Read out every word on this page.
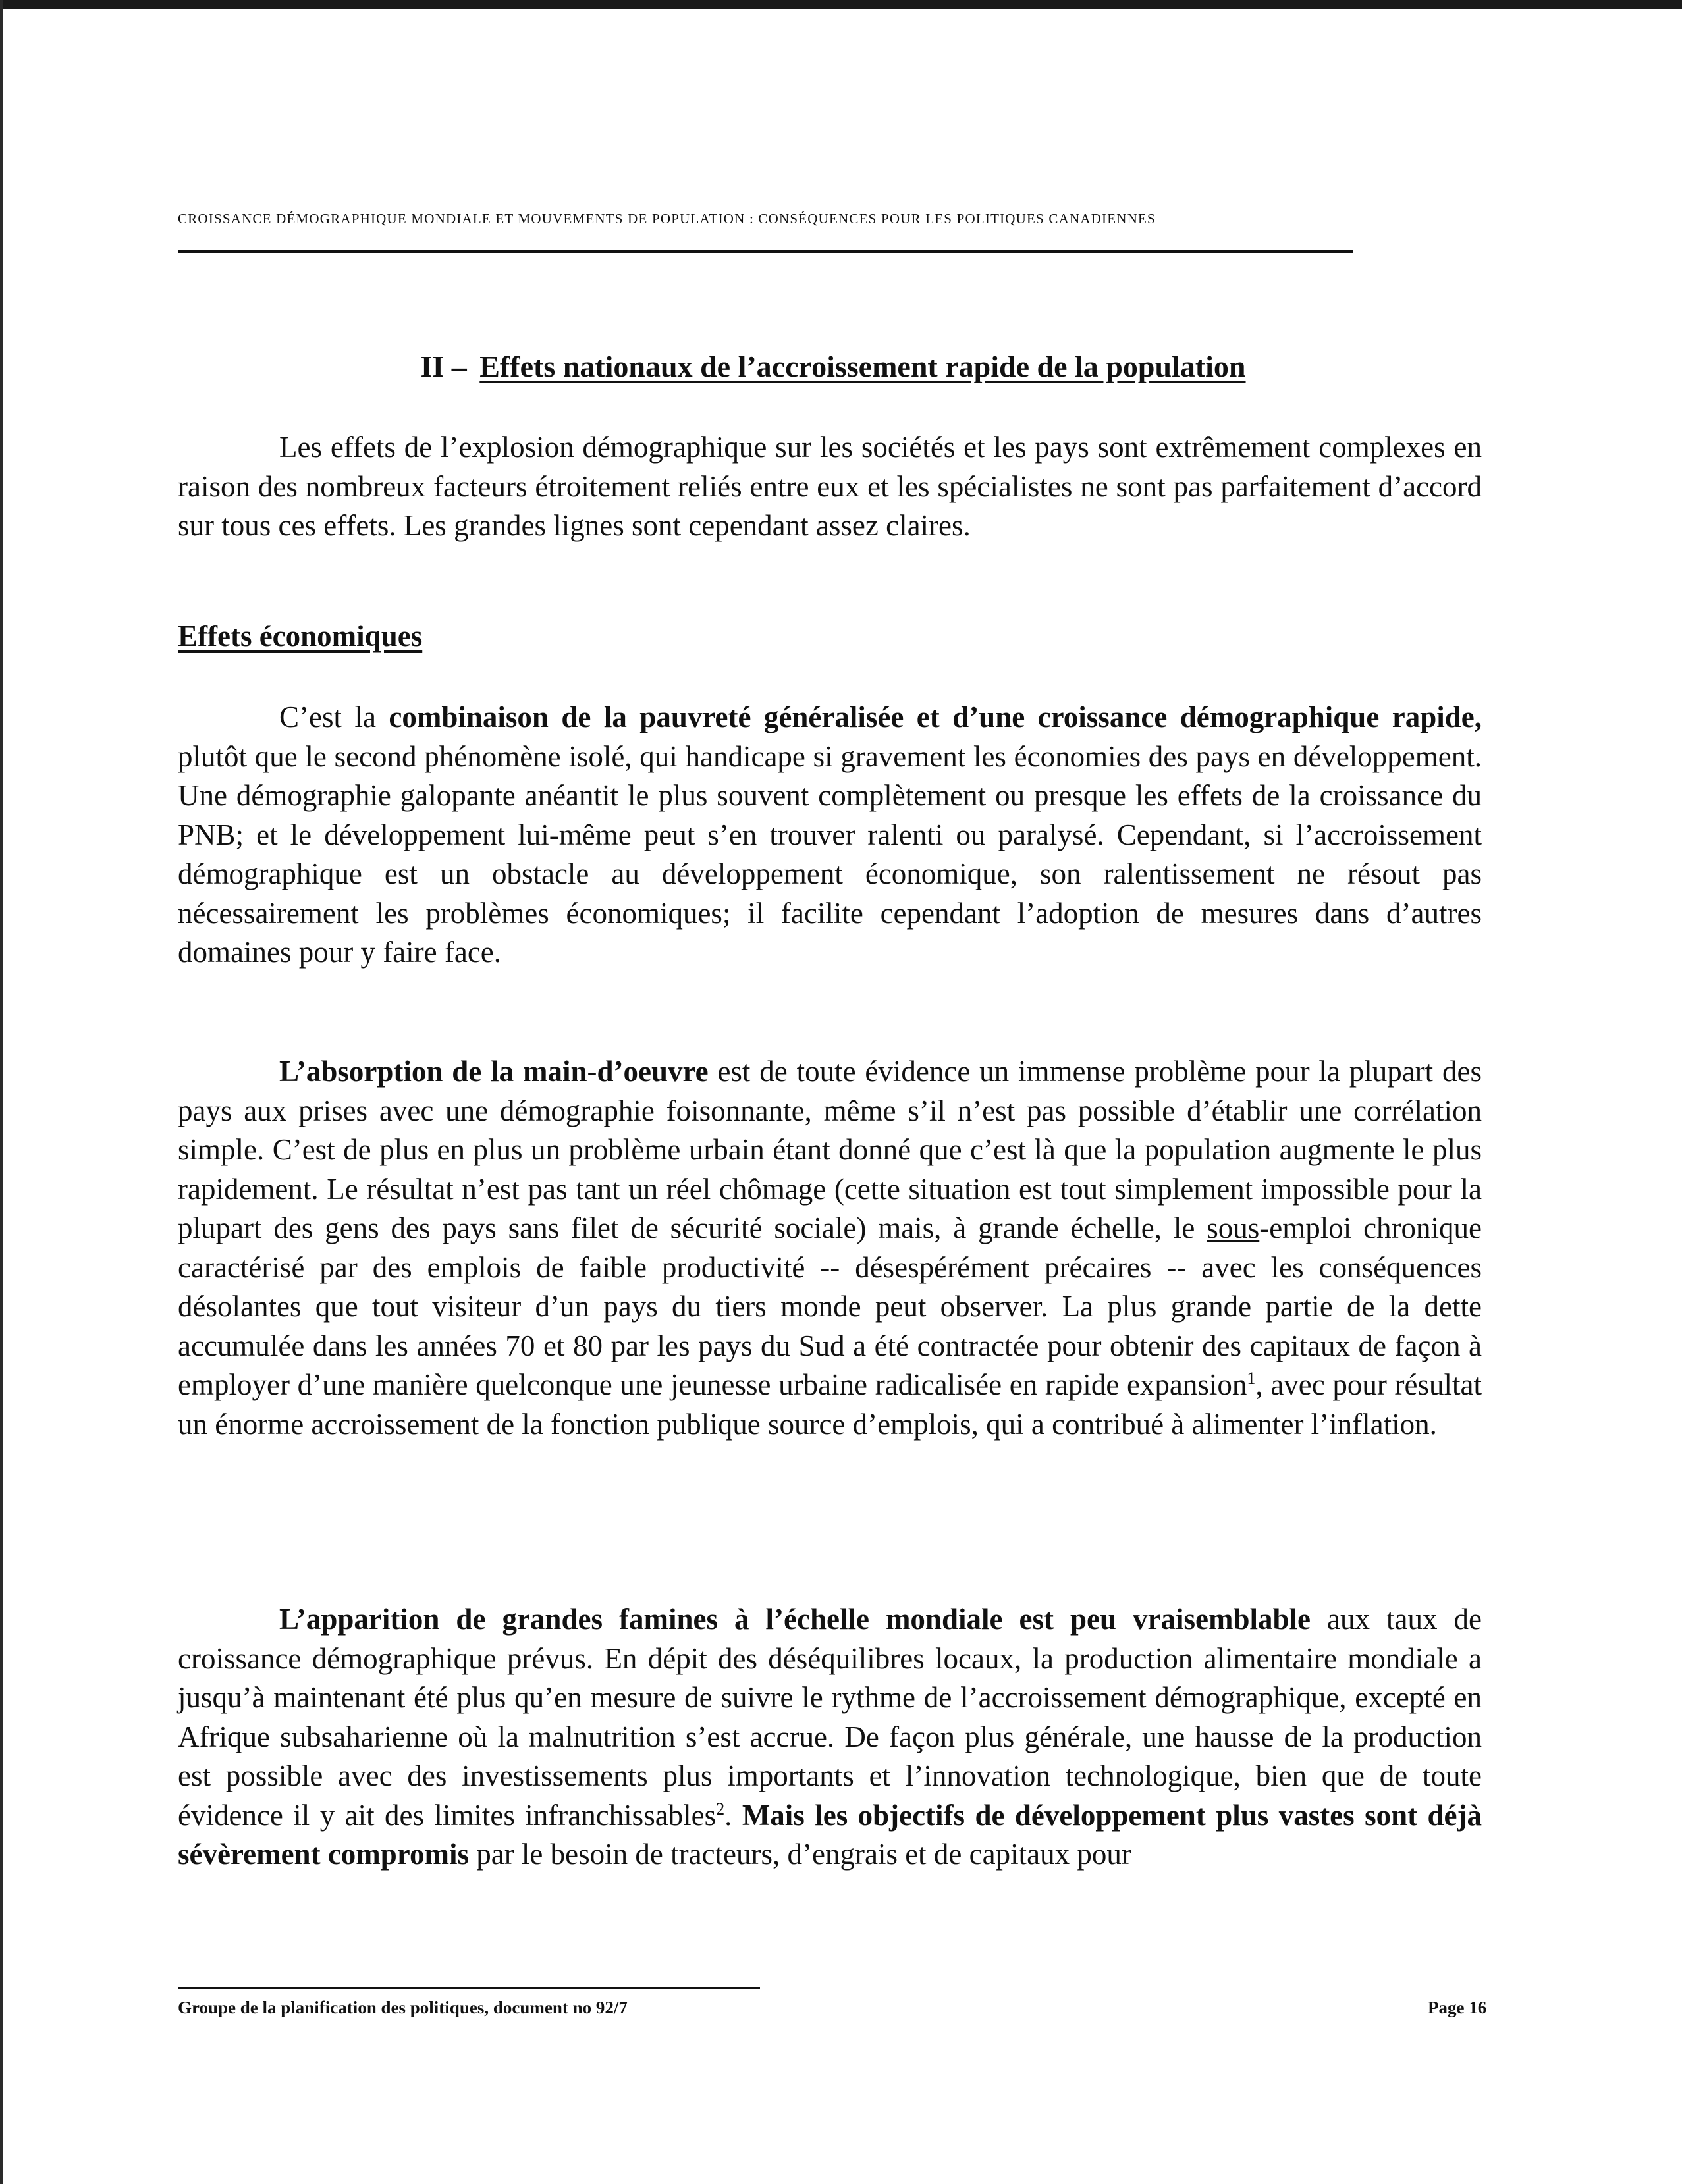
CROISSANCE DÉMOGRAPHIQUE MONDIALE ET MOUVEMENTS DE POPULATION : CONSÉQUENCES POUR LES POLITIQUES CANADIENNES
II – Effets nationaux de l’accroissement rapide de la population

Les effets de l’explosion démographique sur les sociétés et les pays sont extrêmement complexes en raison des nombreux facteurs étroitement reliés entre eux et les spécialistes ne sont pas parfaitement d’accord sur tous ces effets. Les grandes lignes sont cependant assez claires.

Effets économiques

C’est la combinaison de la pauvreté généralisée et d’une croissance démographique rapide, plutôt que le second phénomène isolé, qui handicape si gravement les économies des pays en développement. Une démographie galopante anéantit le plus souvent complètement ou presque les effets de la croissance du PNB; et le développement lui-même peut s’en trouver ralenti ou paralysé. Cependant, si l’accroissement démographique est un obstacle au développement économique, son ralentissement ne résout pas nécessairement les problèmes économiques; il facilite cependant l’adoption de mesures dans d’autres domaines pour y faire face.

L’absorption de la main-d’oeuvre est de toute évidence un immense problème pour la plupart des pays aux prises avec une démographie foisonnante, même s’il n’est pas possible d’établir une corrélation simple. C’est de plus en plus un problème urbain étant donné que c’est là que la population augmente le plus rapidement. Le résultat n’est pas tant un réel chômage (cette situation est tout simplement impossible pour la plupart des gens des pays sans filet de sécurité sociale) mais, à grande échelle, le sous-emploi chronique caractérisé par des emplois de faible productivité -- désespérément précaires -- avec les conséquences désolantes que tout visiteur d’un pays du tiers monde peut observer. La plus grande partie de la dette accumulée dans les années 70 et 80 par les pays du Sud a été contractée pour obtenir des capitaux de façon à employer d’une manière quelconque une jeunesse urbaine radicalisée en rapide expansion$^1$, avec pour résultat un énorme accroissement de la fonction publique source d’emplois, qui a contribué à alimenter l’inflation.

L’apparition de grandes famines à l’échelle mondiale est peu vraisemblable aux taux de croissance démographique prévus. En dépit des déséquilibres locaux, la production alimentaire mondiale a jusqu’à maintenant été plus qu’en mesure de suivre le rythme de l’accroissement démographique, excepté en Afrique subsaharienne où la malnutrition s’est accrue. De façon plus générale, une hausse de la production est possible avec des investissements plus importants et l’innovation technologique, bien que de toute évidence il y ait des limites infranchissables$^2$. Mais les objectifs de développement plus vastes sont déjà sévèrement compromis par le besoin de tracteurs, d’engrais et de capitaux pour

Groupe de la planification des politiques, document no 92/7	Page 16
